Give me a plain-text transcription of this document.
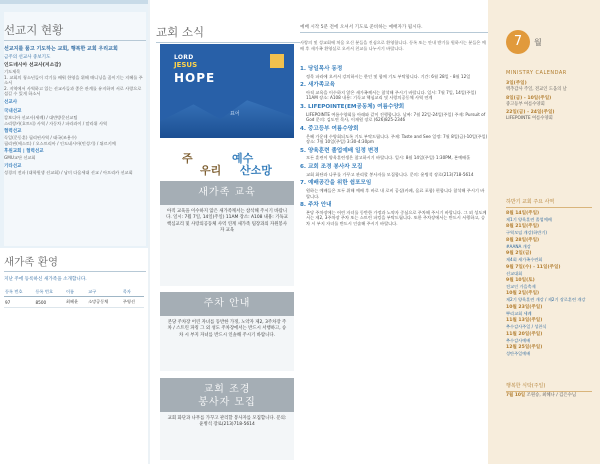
선교지 현황
선교지를 품고 기도하는 교회, 행복한 교회 우리교회
금주의 선교사 중보기도
인도네시아 선교사(저소감)
기도제목
1. 교회의 청소년들이 각기를 배워 한영을 위해 매니닝을 꿈이기는 지혜를 주소서
2. 지역에서 사역하고 있는 선교사들과 좋은 관계를 유지하며 서로 사랑으로 섬길 수 있게 하소서
선교사
국내선교
캄보디아 선교사(세례) / 대만방문선교팀
스리랑카(호트티) 사역 / 자동차 / 파라과이 / 말라위 사역
협력선교
독일(문동훈) 필리핀사역 / 태국(조용수)
필리핀(에스토) / 오스트리아 / 인도네시아(민성기) / 튀르키예
후원교회 | 협력선교
GMU교단 선교회
기타선교
성경의 전파 (대학원생 선교회) / 남미 다음세대 선교 / 아프리카 선교회
새가족 환영
지난 주에 등록하신 새가족을 소개합니다.
등록 번호	등록 번호	이름	교구	목자
97	8500	최혜윤	소망공동체	주영선
교회 소식
LORD
JESUS
HOPE
표어
주	예수
우리 산소망
새가족 교육
아직 교육을 이수하지 않은 새가족께서는 참석해 주시기 바랍니다. 일시: 7월 7일, 14일(주일) 11AM 장소: A108 내용: 기독교 핵심교리 및 사랑의공동체 사역 연계 새가족 팀장과의 자원봉사자 교육
주차 안내
본당 주차장 어린 자녀를 동반한 가정, 노약자 제2, 3주차장 주차 / 스트린 파킹 그 외 성도 주차장에서는 반드시 서행하고, 승차 시 부지 자녀를 반드시 인솔해 주시기 바랍니다.
교회 조경
봉사자 모집
교회 화단과 나무를 가꾸고 관리할 봉사자를 모집합니다. 문의: 윤병석 장로(213)718-5614
예배 시작 5분 전에 오셔서 기도로 준비하는 예배자가 됩시다.
사랑의 및 성교회에 처음 오신 분들을 진심으로 환영합니다. 등록 또는 안내 받기를 원하시는 분들은 예배 후 새가족 환영실로 오셔서 친교를 나누시기 바랍니다.
1. 당일목사 동정
정목 파라에 오셔서 강의하시는 한인 및 함께 기도 부탁합니다. 기간: 6월 28일 - 8월 12일
2. 새가족교육
아직 교육을 이수하지 않은 새가족께서는 참석해 주시기 바랍니다. 일시: 7월 7일, 14일(주일) 11AM 장소: A108 내용: 기독교 핵심교리 및 사랑의공동체 사역 연계
3. LIFEPOINTE(EM공동체) 여름수양회
LIFEPOINTE 여름수양회를 아래와 같이 진행합니다. 날짜: 7월 22일-24일(주일) 주제: Pursuit of God 문의: 김도연 목사, 이재원 장로 (626)825-2346
4. 중고등부 여름수양회
은혜 가운데 수양회되도록 기도 부탁드립니다. 주제: Taste and See 일정: 7월 8일(금)-10일(주일) 장소: 7월 10일(주일) 3:30-4:30pm
5. 양육훈련 졸업예배 일정 변경
모든 훈련이 양육훈련생은 참고하시기 바랍니다. 일시: 8월 14일(주일) 1:30PM, 본예배홀
6. 교회 조경 봉사자 모집
교회 화단과 나무를 가꾸고 관리할 봉사자를 모집합니다. 문의: 윤병석 장로(213)718-5614
7. 예배공간을 위한 쉼포모임
원하는 예배들은 모두 위해 예배 후 바로 내 로비 공실(카페, 음료 포함) 편합니다 참석해 주시기 바랍니다.
8. 주차 안내
본당 주차장에는 어린 자녀를 동반한 가정과 노약자 중심으로 주차해 주시기 바랍니다. 그 외 성도께서는 제2, 3주차장 주차 또는 스트린 파킹을 부탁드립니다. 또한 주차장에서는 반드시 서행하고, 승차 시 부지 자녀를 반드시 인솔해 주시기 바랍니다.
7	월
MINISTRY CALENDAR
3일(주일)
맥추감사 주일, 전교인 도움의 날
8일(금) - 10일(주일)
중고등부 여름수양회
22일(금) - 24일(주일)
LIFEPOINTE 여름수양회
하반기 교회 주요 사역
8월 14일(주일)
제1기 양육훈련 졸업예배
8월 21일(주일)
구역모임 개강(하반기)
8월 28일(주일)
#AANA 개강
9월 2일(금)
제4회 새가족수련회
9월 7일(수) - 11일(주일)
선교대회
9월 10일(토)
전교인 가을축제
10월 2일(주일)
제2기 양육훈련 개강 / 제2기 장로훈련 개강
10월 23일(주일)
뿌리교회 세례
11월 13일(주일)
추수감사주일 / 성찬식
11월 20일(주일)
추수감사예배
12월 25일(주일)
성탄주일예배
행복한 식탁(주일)
7월 10일 조원승, 최혜나 / 김은수님
